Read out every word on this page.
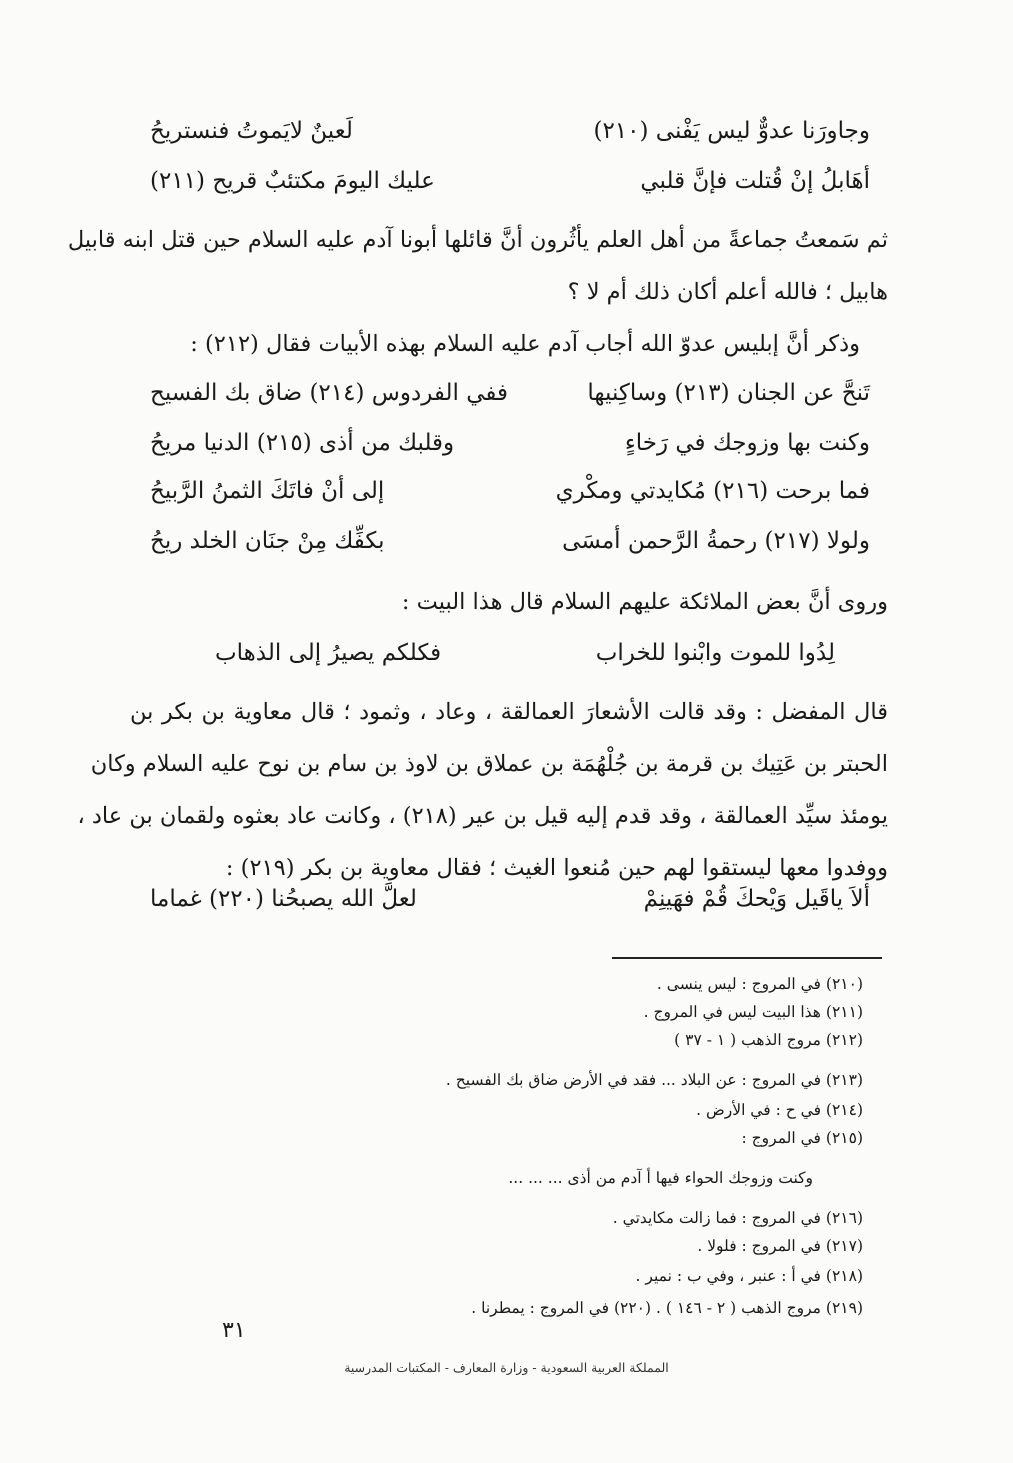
وجاورَنا عدوٌّ ليس يَفْنى (٢١٠)
لَعينٌ لايَموتُ فنستريحُ
أهَابلُ إنْ قُتلت فإنَّ قلبي
عليك اليومَ مكتئبٌ قريح (٢١١)
ثم سَمعتُ جماعةً من أهل العلم يأثُرون أنَّ قائلها أبونا آدم عليه السلام حين قتل ابنه قابيل
هابيل ؛ فالله أعلم أكان ذلك أم لا ؟
وذكر أنَّ إبليس عدوّ الله أجاب آدم عليه السلام بهذه الأبيات فقال (٢١٢) :
تَنحَّ عن الجنان (٢١٣) وساكِنيها
ففي الفردوس (٢١٤) ضاق بك الفسيح
وكنت بها وزوجك في رَخاءٍ
وقلبك من أذى (٢١٥) الدنيا مريحُ
فما برحت (٢١٦) مُكايدتي ومكْري
إلى أنْ فاتَكَ الثمنُ الرَّبيحُ
ولولا (٢١٧) رحمةُ الرَّحمن أمسَى
بكفِّك مِنْ جنَان الخلد ريحُ
وروى أنَّ بعض الملائكة عليهم السلام قال هذا البيت :
لِدُوا للموت وابْنوا للخراب
فكلكم يصيرُ إلى الذهاب
قال المفضل : وقد قالت الأشعارَ العمالقة ، وعاد ، وثمود ؛ قال معاوية بن بكر بن
الحبتر بن عَتِيك بن قرمة بن جُلْهُمَة بن عملاق بن لاوذ بن سام بن نوح عليه السلام وكان
يومئذ سيِّد العمالقة ، وقد قدم إليه قيل بن عير (٢١٨) ، وكانت عاد بعثوه ولقمان بن عاد ،
ووفدوا معها ليستقوا لهم حين مُنعوا الغيث ؛ فقال معاوية بن بكر (٢١٩) :
ألاَ ياقَيل وَيْحكَ قُمْ فهَينِمْ
لعلَّ الله يصبحُنا (٢٢٠) غماما
(٢١٠) في المروج : ليس ينسى .
(٢١١) هذا البيت ليس في المروج .
(٢١٢) مروج الذهب ( ١ - ٣٧ )
(٢١٣) في المروج : عن البلاد ... فقد في الأرض ضاق بك الفسيح .
(٢١٤) في ح : في الأرض .
(٢١٥) في المروج :
وكنت وزوجك الحواء فيها أ آدم من أذى ... ... ...
(٢١٦) في المروج : فما زالت مكايدتي .
(٢١٧) في المروج : فلولا .
(٢١٨) في أ : عنبر ، وفي ب : نمير .
(٢١٩) مروج الذهب ( ٢ - ١٤٦ ) . (٢٢٠) في المروج : يمطرنا .
٣١
المملكة العربية السعودية - وزارة المعارف - المكتبات المدرسية
